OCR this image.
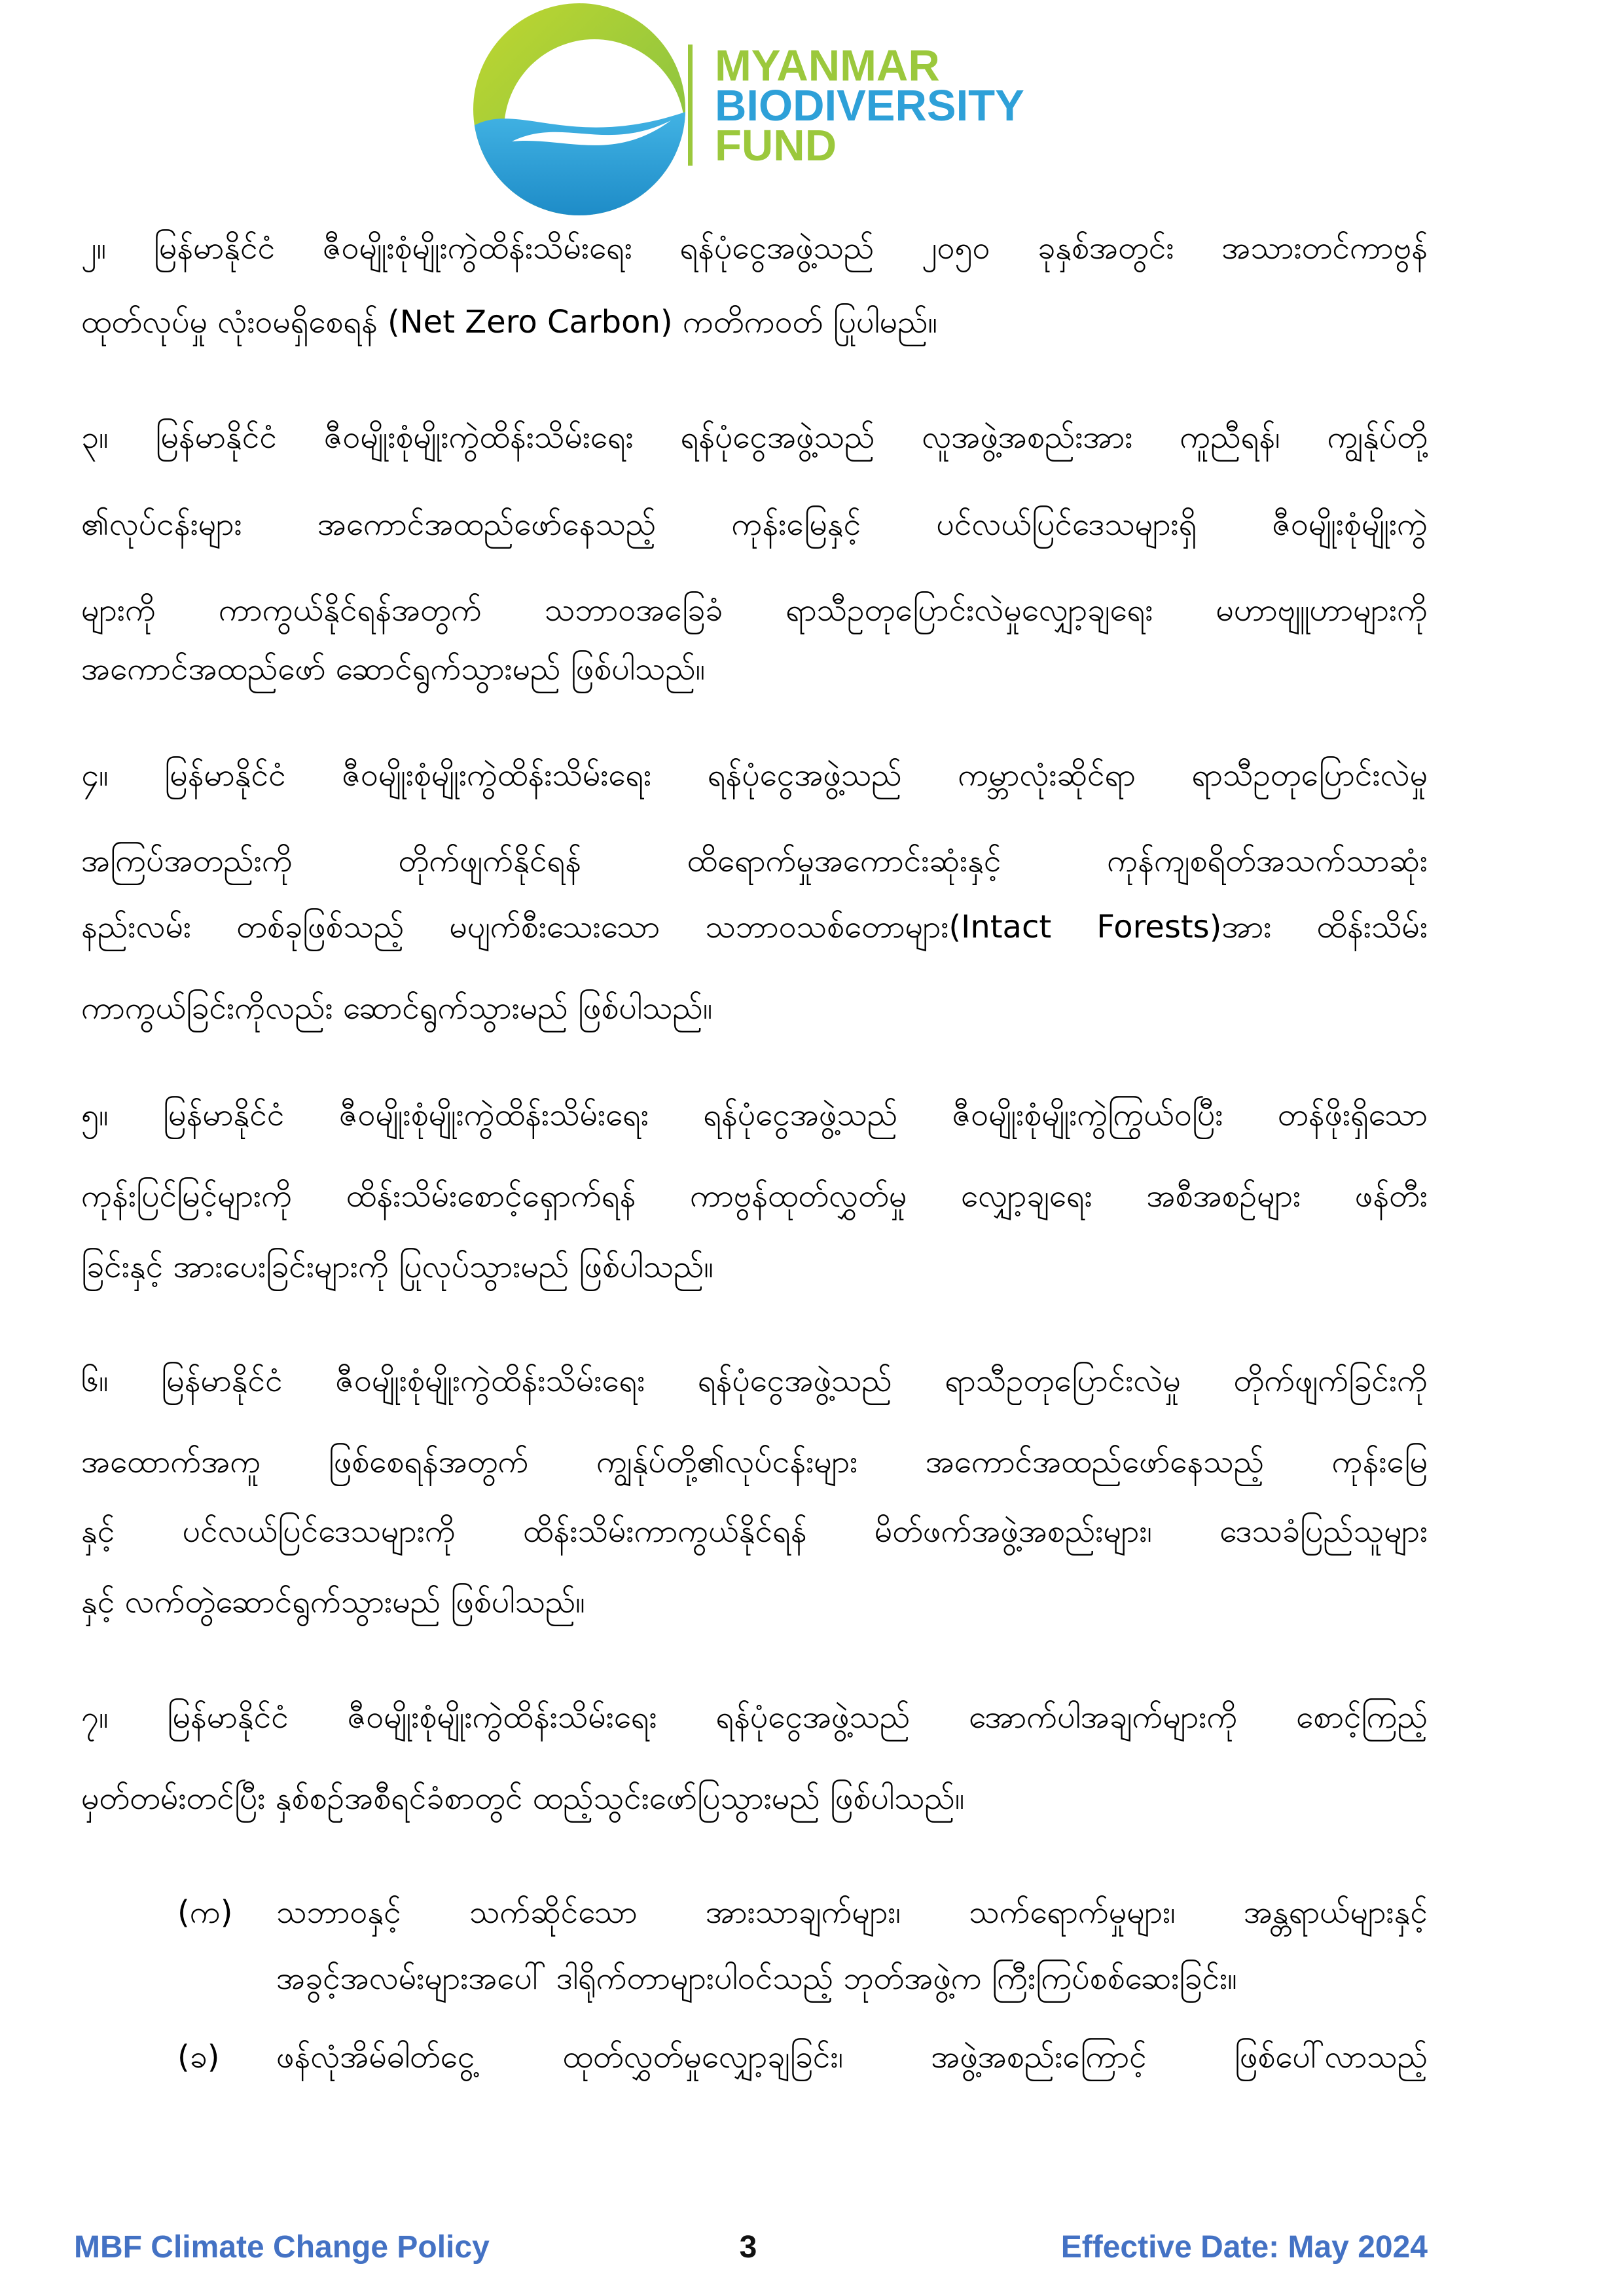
MYANMAR
BIODIVERSITY
FUND
၂။ မြန်မာနိုင်ငံ ဇီဝမျိုးစုံမျိုးကွဲထိန်းသိမ်းရေး ရန်ပုံငွေအဖွဲ့သည် ၂၀၅၀ ခုနှစ်အတွင်း အသားတင်ကာဗွန်
ထုတ်လုပ်မှု လုံးဝမရှိစေရန် (Net Zero Carbon) ကတိကဝတ် ပြုပါမည်။
၃။ မြန်မာနိုင်ငံ ဇီဝမျိုးစုံမျိုးကွဲထိန်းသိမ်းရေး ရန်ပုံငွေအဖွဲ့သည် လူအဖွဲ့အစည်းအား ကူညီရန်၊ ကျွန်ုပ်တို့
၏လုပ်ငန်းများ အကောင်အထည်ဖော်နေသည့် ကုန်းမြေနှင့် ပင်လယ်ပြင်ဒေသများရှိ ဇီဝမျိုးစုံမျိုးကွဲ
များကို ကာကွယ်နိုင်ရန်အတွက် သဘာဝအခြေခံ ရာသီဥတုပြောင်းလဲမှုလျှော့ချရေး မဟာဗျူဟာများကို
အကောင်အထည်ဖော် ဆောင်ရွက်သွားမည် ဖြစ်ပါသည်။
၄။ မြန်မာနိုင်ငံ ဇီဝမျိုးစုံမျိုးကွဲထိန်းသိမ်းရေး ရန်ပုံငွေအဖွဲ့သည် ကမ္ဘာလုံးဆိုင်ရာ ရာသီဥတုပြောင်းလဲမှု
အကြပ်အတည်းကို တိုက်ဖျက်နိုင်ရန် ထိရောက်မှုအကောင်းဆုံးနှင့် ကုန်ကျစရိတ်အသက်သာဆုံး
နည်းလမ်း တစ်ခုဖြစ်သည့် မပျက်စီးသေးသော သဘာဝသစ်တောများ(Intact Forests)အား ထိန်းသိမ်း
ကာကွယ်ခြင်းကိုလည်း ဆောင်ရွက်သွားမည် ဖြစ်ပါသည်။
၅။ မြန်မာနိုင်ငံ ဇီဝမျိုးစုံမျိုးကွဲထိန်းသိမ်းရေး ရန်ပုံငွေအဖွဲ့သည် ဇီဝမျိုးစုံမျိုးကွဲကြွယ်ဝပြီး တန်ဖိုးရှိသော
ကုန်းပြင်မြင့်များကို ထိန်းသိမ်းစောင့်ရှောက်ရန် ကာဗွန်ထုတ်လွှတ်မှု လျှော့ချရေး အစီအစဉ်များ ဖန်တီး
ခြင်းနှင့် အားပေးခြင်းများကို ပြုလုပ်သွားမည် ဖြစ်ပါသည်။
၆။ မြန်မာနိုင်ငံ ဇီဝမျိုးစုံမျိုးကွဲထိန်းသိမ်းရေး ရန်ပုံငွေအဖွဲ့သည် ရာသီဥတုပြောင်းလဲမှု တိုက်ဖျက်ခြင်းကို
အထောက်အကူ ဖြစ်စေရန်အတွက် ကျွန်ုပ်တို့၏လုပ်ငန်းများ အကောင်အထည်ဖော်နေသည့် ကုန်းမြေ
နှင့် ပင်လယ်ပြင်ဒေသများကို ထိန်းသိမ်းကာကွယ်နိုင်ရန် မိတ်ဖက်အဖွဲ့အစည်းများ၊ ဒေသခံပြည်သူများ
နှင့် လက်တွဲဆောင်ရွက်သွားမည် ဖြစ်ပါသည်။
၇။ မြန်မာနိုင်ငံ ဇီဝမျိုးစုံမျိုးကွဲထိန်းသိမ်းရေး ရန်ပုံငွေအဖွဲ့သည် အောက်ပါအချက်များကို စောင့်ကြည့်
မှတ်တမ်းတင်ပြီး နှစ်စဉ်အစီရင်ခံစာတွင် ထည့်သွင်းဖော်ပြသွားမည် ဖြစ်ပါသည်။
(က)	သဘာဝနှင့် သက်ဆိုင်သော အားသာချက်များ၊ သက်ရောက်မှုများ၊ အန္တရာယ်များနှင့်
အခွင့်အလမ်းများအပေါ် ဒါရိုက်တာများပါဝင်သည့် ဘုတ်အဖွဲ့က ကြီးကြပ်စစ်ဆေးခြင်း။
(ခ)	ဖန်လုံအိမ်ဓါတ်ငွေ့ ထုတ်လွှတ်မှုလျှော့ချခြင်း၊ အဖွဲ့အစည်းကြောင့် ဖြစ်ပေါ်လာသည့်
MBF Climate Change Policy	3	Effective Date: May 2024
